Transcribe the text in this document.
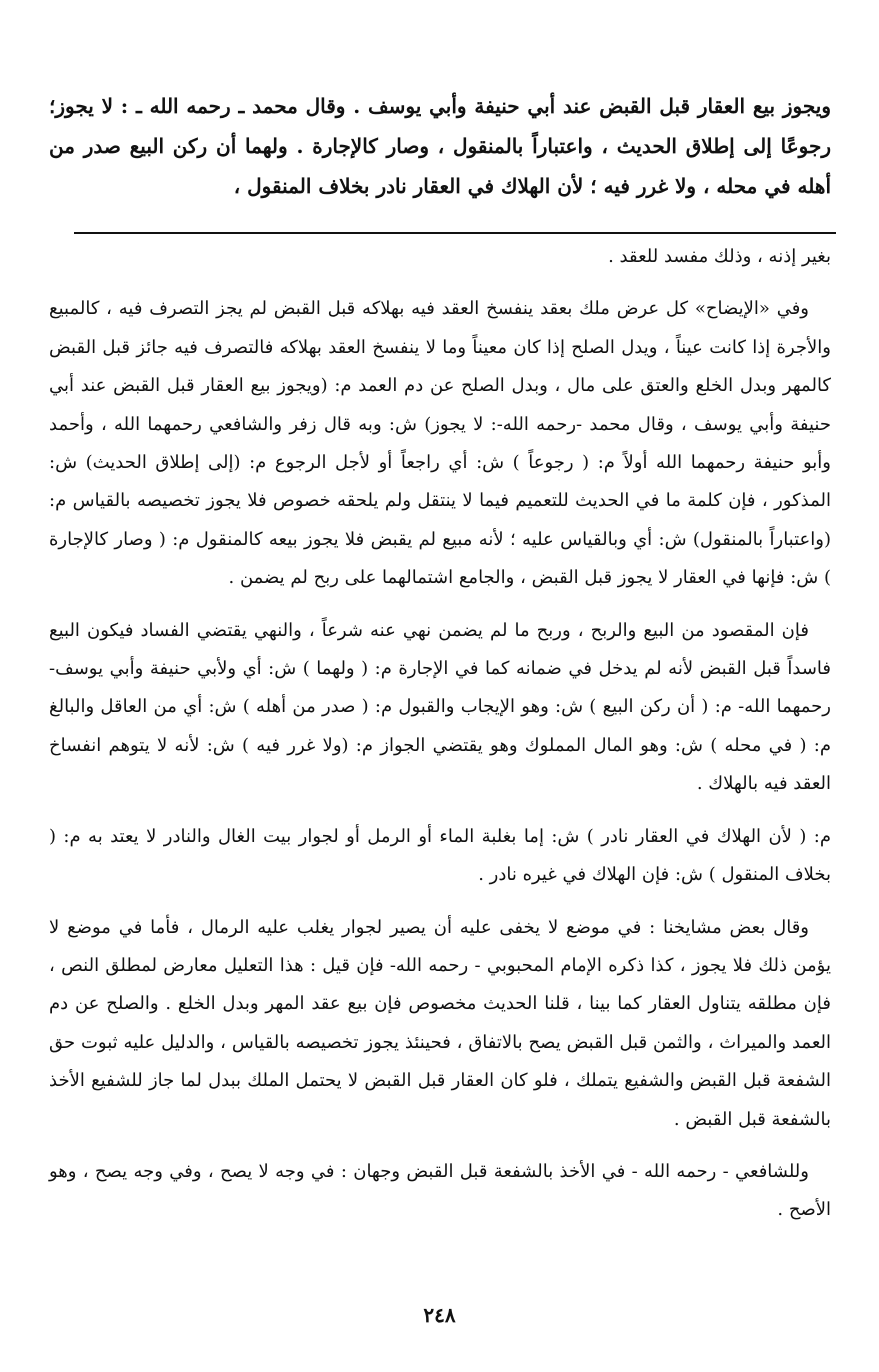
ويجوز بيع العقار قبل القبض عند أبي حنيفة وأبي يوسف . وقال محمد ـ رحمه الله ـ : لا يجوز؛ رجوعًا إلى إطلاق الحديث ، واعتباراً بالمنقول ، وصار كالإجارة . ولهما أن ركن البيع صدر من أهله في محله ، ولا غرر فيه ؛ لأن الهلاك في العقار نادر بخلاف المنقول ،

بغير إذنه ، وذلك مفسد للعقد .

وفي «الإيضاح» كل عرض ملك بعقد ينفسخ العقد فيه بهلاكه قبل القبض لم يجز التصرف فيه ، كالمبيع والأجرة إذا كانت عيناً ، ويدل الصلح إذا كان معيناً وما لا ينفسخ العقد بهلاكه فالتصرف فيه جائز قبل القبض كالمهر وبدل الخلع والعتق على مال ، وبدل الصلح عن دم العمد م: (ويجوز بيع العقار قبل القبض عند أبي حنيفة وأبي يوسف ، وقال محمد -رحمه الله-: لا يجوز) ش: وبه قال زفر والشافعي رحمهما الله ، وأحمد وأبو حنيفة رحمهما الله أولاً م: ( رجوعاً ) ش: أي راجعاً أو لأجل الرجوع م: (إلى إطلاق الحديث) ش: المذكور ، فإن كلمة ما في الحديث للتعميم فيما لا ينتقل ولم يلحقه خصوص فلا يجوز تخصيصه بالقياس م: (واعتباراً بالمنقول) ش: أي وبالقياس عليه ؛ لأنه مبيع لم يقبض فلا يجوز بيعه كالمنقول م: ( وصار كالإجارة ) ش: فإنها في العقار لا يجوز قبل القبض ، والجامع اشتمالهما على ربح لم يضمن .

فإن المقصود من البيع والربح ، وربح ما لم يضمن نهي عنه شرعاً ، والنهي يقتضي الفساد فيكون البيع فاسداً قبل القبض لأنه لم يدخل في ضمانه كما في الإجارة م: ( ولهما ) ش: أي ولأبي حنيفة وأبي يوسف- رحمهما الله- م: ( أن ركن البيع ) ش: وهو الإيجاب والقبول م: ( صدر من أهله ) ش: أي من العاقل والبالغ م: ( في محله ) ش: وهو المال المملوك وهو يقتضي الجواز م: (ولا غرر فيه ) ش: لأنه لا يتوهم انفساخ العقد فيه بالهلاك .

م: ( لأن الهلاك في العقار نادر ) ش: إما بغلبة الماء أو الرمل أو لجوار بيت الغال والنادر لا يعتد به م: ( بخلاف المنقول ) ش: فإن الهلاك في غيره نادر .

وقال بعض مشايخنا : في موضع لا يخفى عليه أن يصير لجوار يغلب عليه الرمال ، فأما في موضع لا يؤمن ذلك فلا يجوز ، كذا ذكره الإمام المحبوبي - رحمه الله- فإن قيل : هذا التعليل معارض لمطلق النص ، فإن مطلقه يتناول العقار كما بينا ، قلنا الحديث مخصوص فإن بيع عقد المهر وبدل الخلع . والصلح عن دم العمد والميراث ، والثمن قبل القبض يصح بالاتفاق ، فحينئذ يجوز تخصيصه بالقياس ، والدليل عليه ثبوت حق الشفعة قبل القبض والشفيع يتملك ، فلو كان العقار قبل القبض لا يحتمل الملك ببدل لما جاز للشفيع الأخذ بالشفعة قبل القبض .

وللشافعي - رحمه الله - في الأخذ بالشفعة قبل القبض وجهان : في وجه لا يصح ، وفي وجه يصح ، وهو الأصح .

٢٤٨
